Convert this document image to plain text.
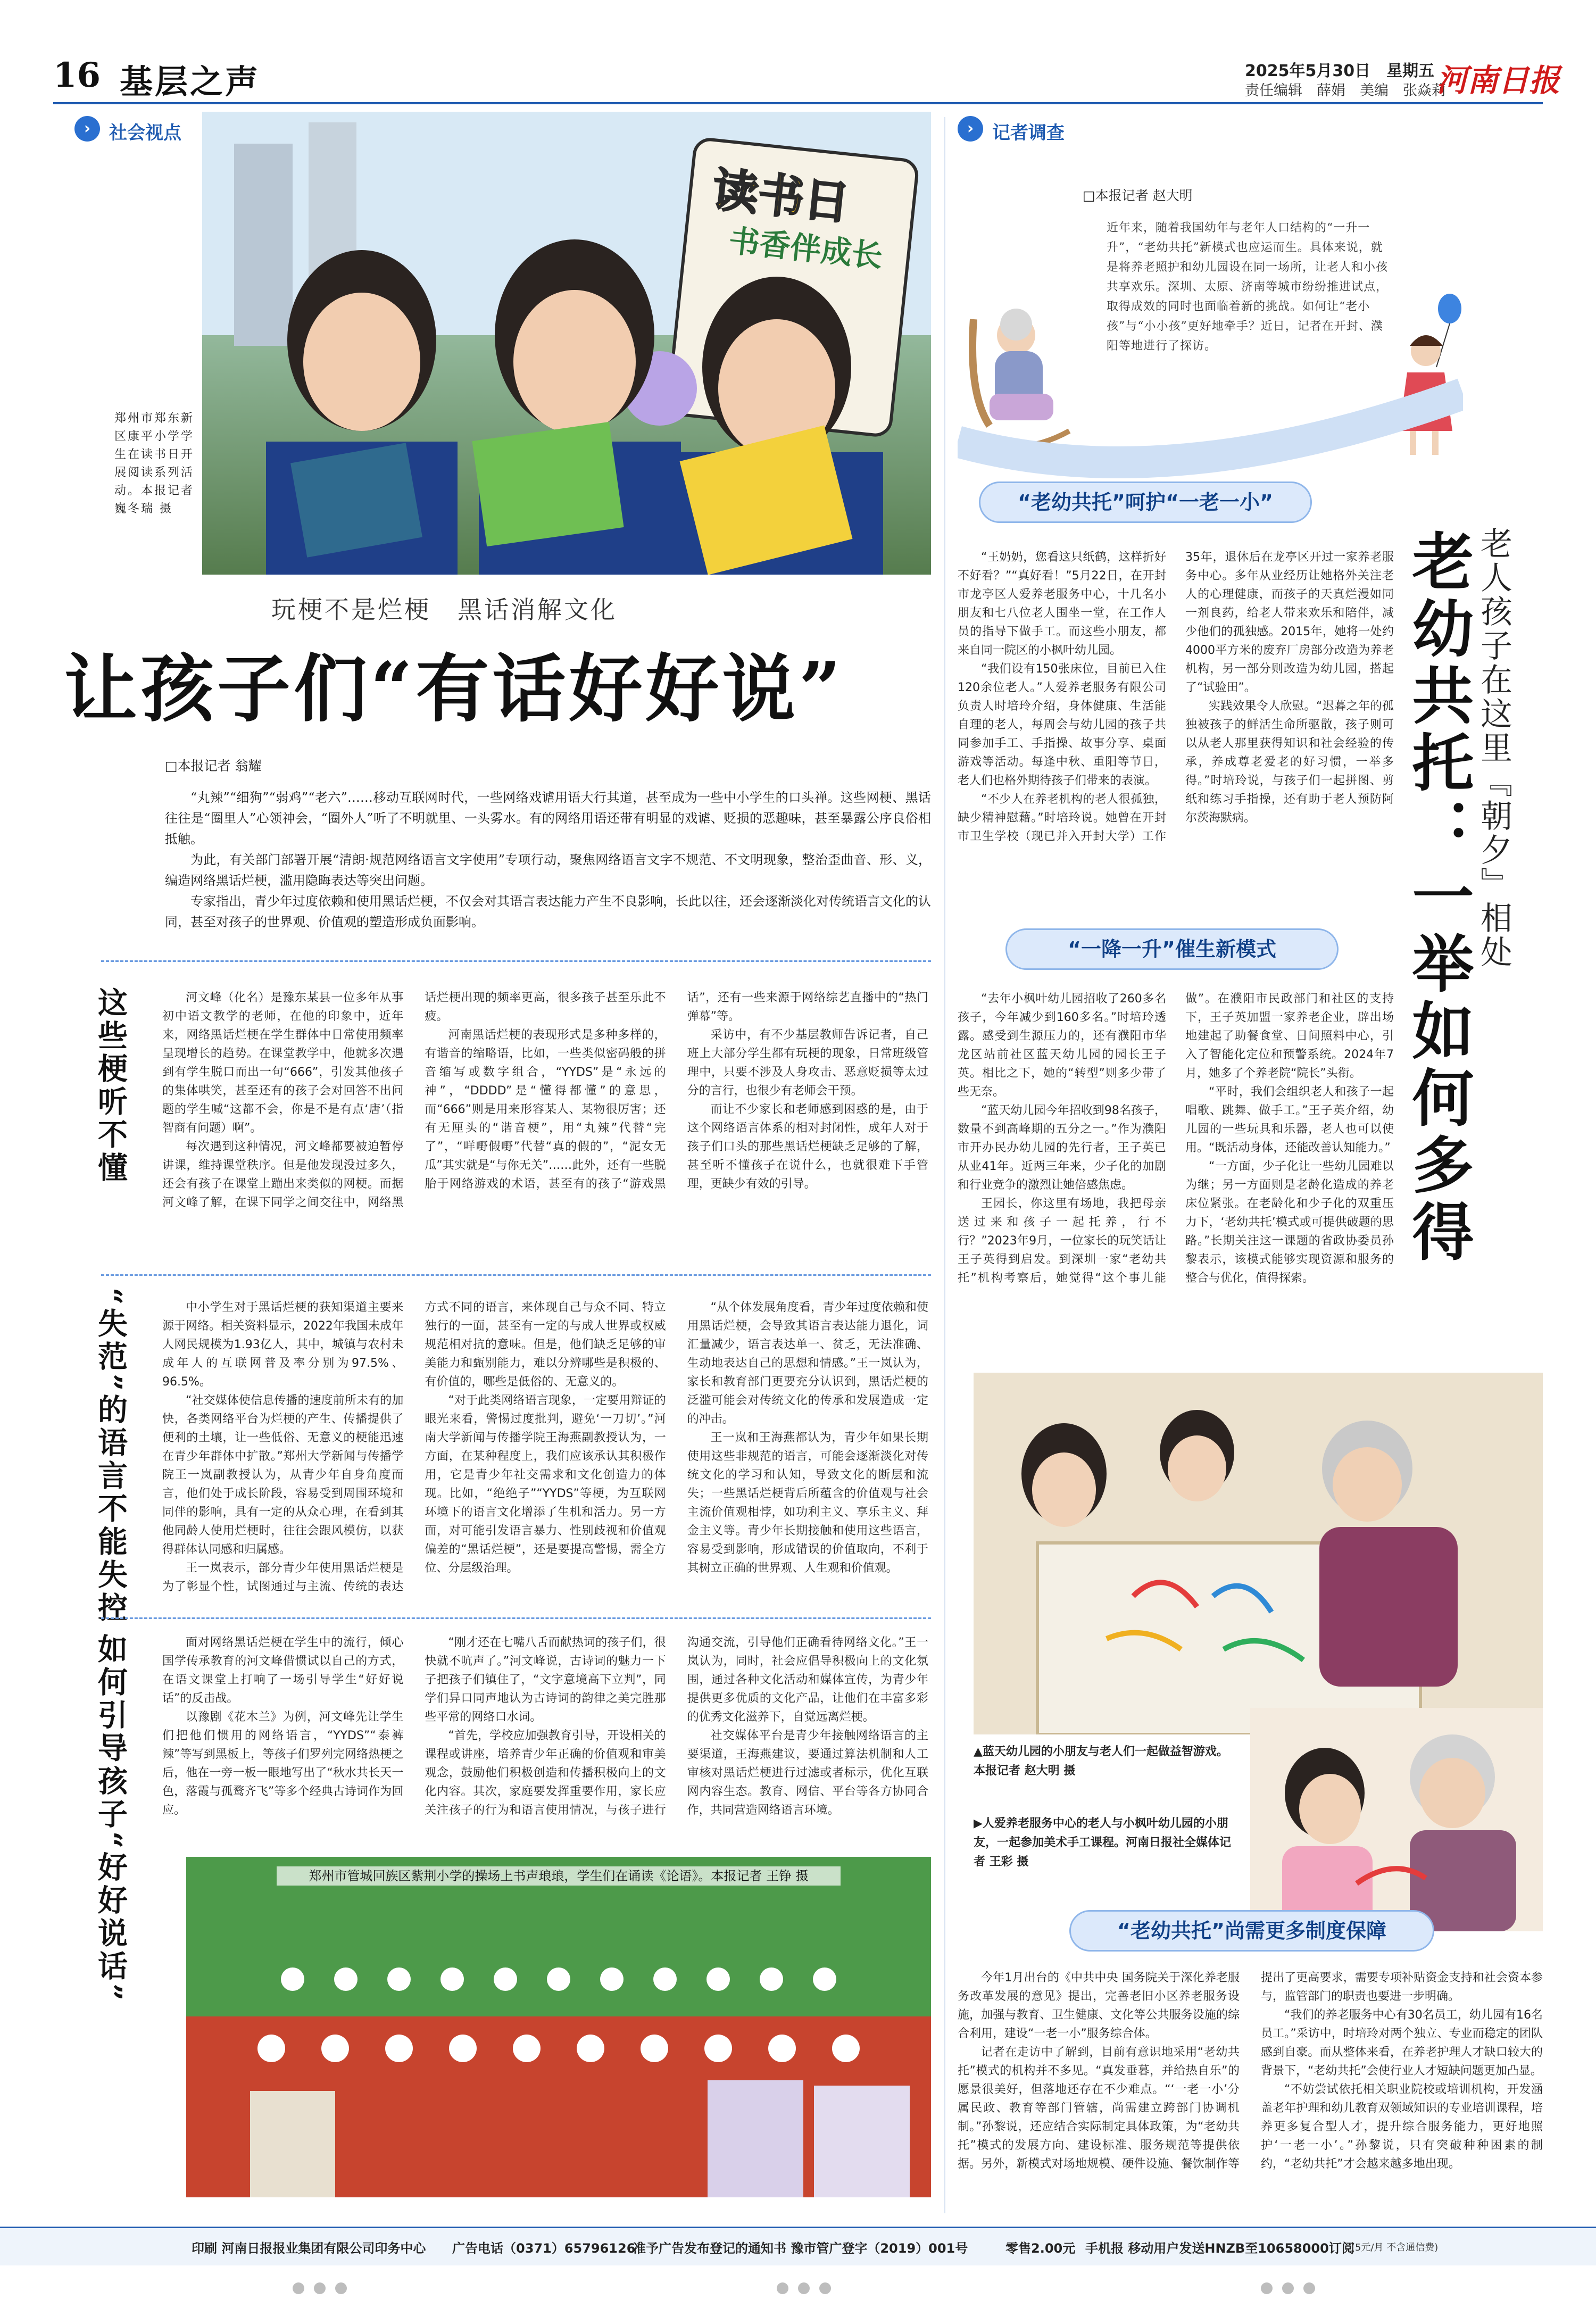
16 基层之声	2025年5月30日　星期五
责任编辑　薛娟　美编　张焱莉
河南日报
›	社会视点	›	记者调查
读书日
书香伴成长
郑州市郑东新区康平小学学生在读书日开展阅读系列活动。本报记者 巍冬瑞 摄
玩梗不是烂梗　黑话消解文化
让孩子们“有话好好说”
□本报记者 翁耀

“丸辣”“细狗”“弱鸡”“老六”……移动互联网时代，一些网络戏谑用语大行其道，甚至成为一些中小学生的口头禅。这些网梗、黑话往往是“圈里人”心领神会，“圈外人”听了不明就里、一头雾水。有的网络用语还带有明显的戏谑、贬损的恶趣味，甚至暴露公序良俗相抵触。

为此，有关部门部署开展“清朗·规范网络语言文字使用”专项行动，聚焦网络语言文字不规范、不文明现象，整治歪曲音、形、义，编造网络黑话烂梗，滥用隐晦表达等突出问题。

专家指出，青少年过度依赖和使用黑话烂梗，不仅会对其语言表达能力产生不良影响，长此以往，还会逐渐淡化对传统语言文化的认同，甚至对孩子的世界观、价值观的塑造形成负面影响。

这些梗听不懂	河文峰（化名）是豫东某县一位多年从事初中语文教学的老师，在他的印象中，近年来，网络黑话烂梗在学生群体中日常使用频率呈现增长的趋势。在课堂教学中，他就多次遇到有学生脱口而出一句“666”，引发其他孩子的集体哄笑，甚至还有的孩子会对回答不出问题的学生喊“这都不会，你是不是有点‘唐’（指智商有问题）啊”。

每次遇到这种情况，河文峰都要被迫暂停讲课，维持课堂秩序。但是他发现没过多久，还会有孩子在课堂上蹦出来类似的网梗。而据河文峰了解，在课下同学之间交往中，网络黑话烂梗出现的频率更高，很多孩子甚至乐此不疲。

河南黑话烂梗的表现形式是多种多样的，有谐音的缩略语，比如，一些类似密码般的拼音缩写或数字组合，“YYDS”是“永远的神”，“DDDD”是“懂得都懂”的意思，而“666”则是用来形容某人、某物很厉害；还有无厘头的“谐音梗”，用“丸辣”代替“完了”，“咩嘢假嘢”代替“真的假的”，“泥女无瓜”其实就是“与你无关”……此外，还有一些脱胎于网络游戏的术语，甚至有的孩子“游戏黑话”，还有一些来源于网络综艺直播中的“热门弹幕”等。

采访中，有不少基层教师告诉记者，自己班上大部分学生都有玩梗的现象，日常班级管理中，只要不涉及人身攻击、恶意贬损等太过分的言行，也很少有老师会干预。

而让不少家长和老师感到困惑的是，由于这个网络语言体系的相对封闭性，成年人对于孩子们口头的那些黑话烂梗缺乏足够的了解，甚至听不懂孩子在说什么，也就很难下手管理，更缺少有效的引导。

“失范”的语言不能失控	中小学生对于黑话烂梗的获知渠道主要来源于网络。相关资料显示，2022年我国未成年人网民规模为1.93亿人，其中，城镇与农村未成年人的互联网普及率分别为97.5%、96.5%。

“社交媒体使信息传播的速度前所未有的加快，各类网络平台为烂梗的产生、传播提供了便利的土壤，让一些低俗、无意义的梗能迅速在青少年群体中扩散。”郑州大学新闻与传播学院王一岚副教授认为，从青少年自身角度而言，他们处于成长阶段，容易受到周围环境和同伴的影响，具有一定的从众心理，在看到其他同龄人使用烂梗时，往往会跟风模仿，以获得群体认同感和归属感。

王一岚表示，部分青少年使用黑话烂梗是为了彰显个性，试图通过与主流、传统的表达方式不同的语言，来体现自己与众不同、特立独行的一面，甚至有一定的与成人世界或权威规范相对抗的意味。但是，他们缺乏足够的审美能力和甄别能力，难以分辨哪些是积极的、有价值的，哪些是低俗的、无意义的。

“对于此类网络语言现象，一定要用辩证的眼光来看，警惕过度批判，避免‘一刀切’。”河南大学新闻与传播学院王海燕副教授认为，一方面，在某种程度上，我们应该承认其积极作用，它是青少年社交需求和文化创造力的体现。比如，“绝绝子”“YYDS”等梗，为互联网环境下的语言文化增添了生机和活力。另一方面，对可能引发语言暴力、性别歧视和价值观偏差的“黑话烂梗”，还是要提高警惕，需全方位、分层级治理。

“从个体发展角度看，青少年过度依赖和使用黑话烂梗，会导致其语言表达能力退化，词汇量减少，语言表达单一、贫乏，无法准确、生动地表达自己的思想和情感。”王一岚认为，家长和教育部门更要充分认识到，黑话烂梗的泛滥可能会对传统文化的传承和发展造成一定的冲击。

王一岚和王海燕都认为，青少年如果长期使用这些非规范的语言，可能会逐渐淡化对传统文化的学习和认知，导致文化的断层和流失；一些黑话烂梗背后所蕴含的价值观与社会主流价值观相悖，如功利主义、享乐主义、拜金主义等。青少年长期接触和使用这些语言，容易受到影响，形成错误的价值取向，不利于其树立正确的世界观、人生观和价值观。

如何引导孩子“好好说话”	面对网络黑话烂梗在学生中的流行，倾心国学传承教育的河文峰借惯试以自己的方式，在语文课堂上打响了一场引导学生“好好说话”的反击战。

以豫剧《花木兰》为例，河文峰先让学生们把他们惯用的网络语言，“YYDS”“泰裤辣”等写到黑板上，等孩子们罗列完网络热梗之后，他在一旁一板一眼地写出了“秋水共长天一色，落霞与孤鹜齐飞”等多个经典古诗词作为回应。

“刚才还在七嘴八舌而献热词的孩子们，很快就不吭声了。”河文峰说，古诗词的魅力一下子把孩子们镇住了，“文字意境高下立判”，同学们异口同声地认为古诗词的韵律之美完胜那些平常的网络口水词。

“首先，学校应加强教育引导，开设相关的课程或讲座，培养青少年正确的价值观和审美观念，鼓励他们积极创造和传播积极向上的文化内容。其次，家庭要发挥重要作用，家长应关注孩子的行为和语言使用情况，与孩子进行沟通交流，引导他们正确看待网络文化。”王一岚认为，同时，社会应倡导积极向上的文化氛围，通过各种文化活动和媒体宣传，为青少年提供更多优质的文化产品，让他们在丰富多彩的优秀文化滋养下，自觉远离烂梗。

社交媒体平台是青少年接触网络语言的主要渠道，王海燕建议，要通过算法机制和人工审核对黑话烂梗进行过滤或者标示，优化互联网内容生态。教育、网信、平台等各方协同合作，共同营造网络语言环境。

郑州市管城回族区紫荆小学的操场上书声琅琅，学生们在诵读《论语》。本报记者 王铮 摄
□本报记者 赵大明
近年来，随着我国幼年与老年人口结构的“一升一升”，“老幼共托”新模式也应运而生。具体来说，就是将养老照护和幼儿园设在同一场所，让老人和小孩共享欢乐。深圳、太原、济南等城市纷纷推进试点，取得成效的同时也面临着新的挑战。如何让“老小孩”与“小小孩”更好地牵手？近日，记者在开封、濮阳等地进行了探访。
老人孩子在这里『朝夕』相处
老幼共托：一举如何多得
“老幼共托”呵护“一老一小”

“王奶奶，您看这只纸鹤，这样折好不好看？”“真好看！”5月22日，在开封市龙亭区人爱养老服务中心，十几名小朋友和七八位老人围坐一堂，在工作人员的指导下做手工。而这些小朋友，都来自同一院区的小枫叶幼儿园。

“我们设有150张床位，目前已入住120余位老人。”人爱养老服务有限公司负责人时培玲介绍，身体健康、生活能自理的老人，每周会与幼儿园的孩子共同参加手工、手指操、故事分享、桌面游戏等活动。每逢中秋、重阳等节日，老人们也格外期待孩子们带来的表演。

“不少人在养老机构的老人很孤独，缺少精神慰藉。”时培玲说。她曾在开封市卫生学校（现已并入开封大学）工作35年，退休后在龙亭区开过一家养老服务中心。多年从业经历让她格外关注老人的心理健康，而孩子的天真烂漫如同一剂良药，给老人带来欢乐和陪伴，减少他们的孤独感。2015年，她将一处约4000平方米的废弃厂房部分改造为养老机构，另一部分则改造为幼儿园，搭起了“试验田”。

实践效果令人欣慰。“迟暮之年的孤独被孩子的鲜活生命所驱散，孩子则可以从老人那里获得知识和社会经验的传承，养成尊老爱老的好习惯，一举多得。”时培玲说，与孩子们一起拼图、剪纸和练习手指操，还有助于老人预防阿尔茨海默病。

“一降一升”催生新模式

“去年小枫叶幼儿园招收了260多名孩子，今年减少到160多名。”时培玲透露。感受到生源压力的，还有濮阳市华龙区站前社区蓝天幼儿园的园长王子英。相比之下，她的“转型”则多少带了些无奈。

“蓝天幼儿园今年招收到98名孩子，数量不到高峰期的五分之一。”作为濮阳市开办民办幼儿园的先行者，王子英已从业41年。近两三年来，少子化的加剧和行业竞争的激烈让她倍感焦虑。

王园长，你这里有场地，我把母亲送过来和孩子一起托养，行不行？”2023年9月，一位家长的玩笑话让王子英得到启发。到深圳一家“老幼共托”机构考察后，她觉得“这个事儿能做”。在濮阳市民政部门和社区的支持下，王子英加盟一家养老企业，辟出场地建起了助餐食堂、日间照料中心，引入了智能化定位和预警系统。2024年7月，她多了个养老院“院长”头衔。

“平时，我们会组织老人和孩子一起唱歌、跳舞、做手工。”王子英介绍，幼儿园的一些玩具和乐器，老人也可以使用。“既活动身体，还能改善认知能力。”

“一方面，少子化让一些幼儿园难以为继；另一方面则是老龄化造成的养老床位紧张。在老龄化和少子化的双重压力下，‘老幼共托’模式或可提供破题的思路。”长期关注这一课题的省政协委员孙黎表示，该模式能够实现资源和服务的整合与优化，值得探索。

▲蓝天幼儿园的小朋友与老人们一起做益智游戏。　本报记者 赵大明 摄
▶人爱养老服务中心的老人与小枫叶幼儿园的小朋友，一起参加美术手工课程。河南日报社全媒体记者 王彩 摄
“老幼共托”尚需更多制度保障

今年1月出台的《中共中央 国务院关于深化养老服务改革发展的意见》提出，完善老旧小区养老服务设施，加强与教育、卫生健康、文化等公共服务设施的综合利用，建设“一老一小”服务综合体。

记者在走访中了解到，目前有意识地采用“老幼共托”模式的机构并不多见。“真发垂暮，并给热自乐”的愿景很美好，但落地还存在不少难点。“‘一老一小’分属民政、教育等部门管辖，尚需建立跨部门协调机制。”孙黎说，还应结合实际制定具体政策，为“老幼共托”模式的发展方向、建设标准、服务规范等提供依据。另外，新模式对场地规模、硬件设施、餐饮制作等提出了更高要求，需要专项补贴资金支持和社会资本参与，监管部门的职责也要进一步明确。

“我们的养老服务中心有30名员工，幼儿园有16名员工。”采访中，时培玲对两个独立、专业而稳定的团队感到自豪。而从整体来看，在养老护理人才缺口较大的背景下，“老幼共托”会使行业人才短缺问题更加凸显。

“不妨尝试依托相关职业院校或培训机构，开发涵盖老年护理和幼儿教育双领域知识的专业培训课程，培养更多复合型人才，提升综合服务能力，更好地照护‘一老一小’。”孙黎说，只有突破种种困素的制约，“老幼共托”才会越来越多地出现。

印刷 河南日报报业集团有限公司印务中心 广告电话（0371）65796126
准予广告发布登记的通知书 豫市管广登字（2019）001号	零售2.00元 手机报 移动用户发送HNZB至10658000订阅
(5元/月 不含通信费)
